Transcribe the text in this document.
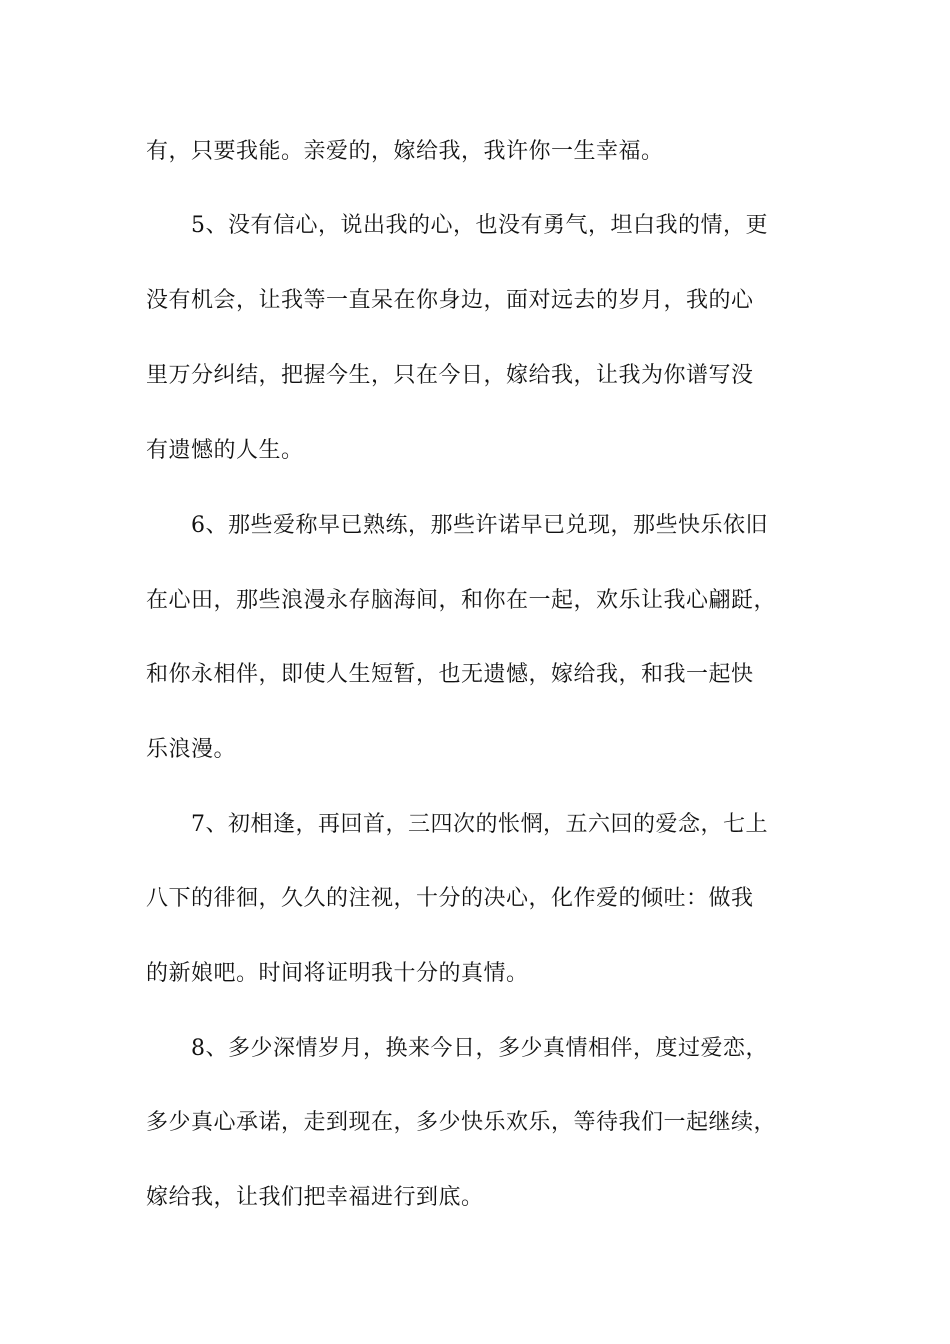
有，只要我能。亲爱的，嫁给我，我许你一生幸福。
5、没有信心，说出我的心，也没有勇气，坦白我的情，更
没有机会，让我等一直呆在你身边，面对远去的岁月，我的心
里万分纠结，把握今生，只在今日，嫁给我，让我为你谱写没
有遗憾的人生。
6、那些爱称早已熟练，那些许诺早已兑现，那些快乐依旧
在心田，那些浪漫永存脑海间，和你在一起，欢乐让我心翩跹，
和你永相伴，即使人生短暂，也无遗憾，嫁给我，和我一起快
乐浪漫。
7、初相逢，再回首，三四次的怅惘，五六回的爱念，七上
八下的徘徊，久久的注视，十分的决心，化作爱的倾吐：做我
的新娘吧。时间将证明我十分的真情。
8、多少深情岁月，换来今日，多少真情相伴，度过爱恋，
多少真心承诺，走到现在，多少快乐欢乐，等待我们一起继续，
嫁给我，让我们把幸福进行到底。
